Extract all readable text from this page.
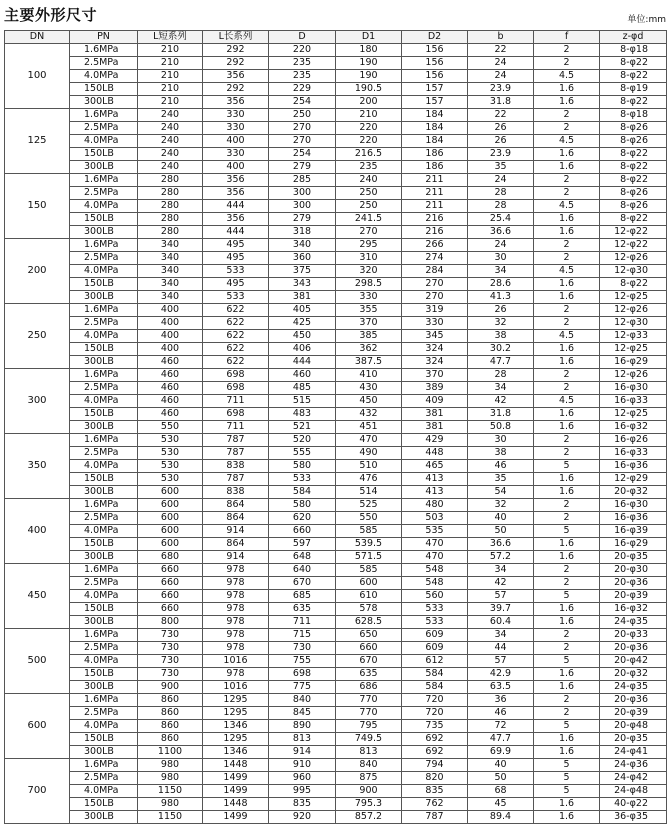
主要外形尺寸	单位:mm
DN	PN	L短系列	L长系列	D	D1	D2	b	f	z-φd
100	1.6MPa	210	292	220	180	156	22	2	8-φ18
	2.5MPa	210	292	235	190	156	24	2	8-φ22
	4.0MPa	210	356	235	190	156	24	4.5	8-φ22
	150LB	210	292	229	190.5	157	23.9	1.6	8-φ19
	300LB	210	356	254	200	157	31.8	1.6	8-φ22
125	1.6MPa	240	330	250	210	184	22	2	8-φ18
	2.5MPa	240	330	270	220	184	26	2	8-φ26
	4.0MPa	240	400	270	220	184	26	4.5	8-φ26
	150LB	240	330	254	216.5	186	23.9	1.6	8-φ22
	300LB	240	400	279	235	186	35	1.6	8-φ22
150	1.6MPa	280	356	285	240	211	24	2	8-φ22
	2.5MPa	280	356	300	250	211	28	2	8-φ26
	4.0MPa	280	444	300	250	211	28	4.5	8-φ26
	150LB	280	356	279	241.5	216	25.4	1.6	8-φ22
	300LB	280	444	318	270	216	36.6	1.6	12-φ22
200	1.6MPa	340	495	340	295	266	24	2	12-φ22
	2.5MPa	340	495	360	310	274	30	2	12-φ26
	4.0MPa	340	533	375	320	284	34	4.5	12-φ30
	150LB	340	495	343	298.5	270	28.6	1.6	8-φ22
	300LB	340	533	381	330	270	41.3	1.6	12-φ25
250	1.6MPa	400	622	405	355	319	26	2	12-φ26
	2.5MPa	400	622	425	370	330	32	2	12-φ30
	4.0MPa	400	622	450	385	345	38	4.5	12-φ33
	150LB	400	622	406	362	324	30.2	1.6	12-φ25
	300LB	460	622	444	387.5	324	47.7	1.6	16-φ29
300	1.6MPa	460	698	460	410	370	28	2	12-φ26
	2.5MPa	460	698	485	430	389	34	2	16-φ30
	4.0MPa	460	711	515	450	409	42	4.5	16-φ33
	150LB	460	698	483	432	381	31.8	1.6	12-φ25
	300LB	550	711	521	451	381	50.8	1.6	16-φ32
350	1.6MPa	530	787	520	470	429	30	2	16-φ26
	2.5MPa	530	787	555	490	448	38	2	16-φ33
	4.0MPa	530	838	580	510	465	46	5	16-φ36
	150LB	530	787	533	476	413	35	1.6	12-φ29
	300LB	600	838	584	514	413	54	1.6	20-φ32
400	1.6MPa	600	864	580	525	480	32	2	16-φ30
	2.5MPa	600	864	620	550	503	40	2	16-φ36
	4.0MPa	600	914	660	585	535	50	5	16-φ39
	150LB	600	864	597	539.5	470	36.6	1.6	16-φ29
	300LB	680	914	648	571.5	470	57.2	1.6	20-φ35
450	1.6MPa	660	978	640	585	548	34	2	20-φ30
	2.5MPa	660	978	670	600	548	42	2	20-φ36
	4.0MPa	660	978	685	610	560	57	5	20-φ39
	150LB	660	978	635	578	533	39.7	1.6	16-φ32
	300LB	800	978	711	628.5	533	60.4	1.6	24-φ35
500	1.6MPa	730	978	715	650	609	34	2	20-φ33
	2.5MPa	730	978	730	660	609	44	2	20-φ36
	4.0MPa	730	1016	755	670	612	57	5	20-φ42
	150LB	730	978	698	635	584	42.9	1.6	20-φ32
	300LB	900	1016	775	686	584	63.5	1.6	24-φ35
600	1.6MPa	860	1295	840	770	720	36	2	20-φ36
	2.5MPa	860	1295	845	770	720	46	2	20-φ39
	4.0MPa	860	1346	890	795	735	72	5	20-φ48
	150LB	860	1295	813	749.5	692	47.7	1.6	20-φ35
	300LB	1100	1346	914	813	692	69.9	1.6	24-φ41
700	1.6MPa	980	1448	910	840	794	40	5	24-φ36
	2.5MPa	980	1499	960	875	820	50	5	24-φ42
	4.0MPa	1150	1499	995	900	835	68	5	24-φ48
	150LB	980	1448	835	795.3	762	45	1.6	40-φ22
	300LB	1150	1499	920	857.2	787	89.4	1.6	36-φ35
